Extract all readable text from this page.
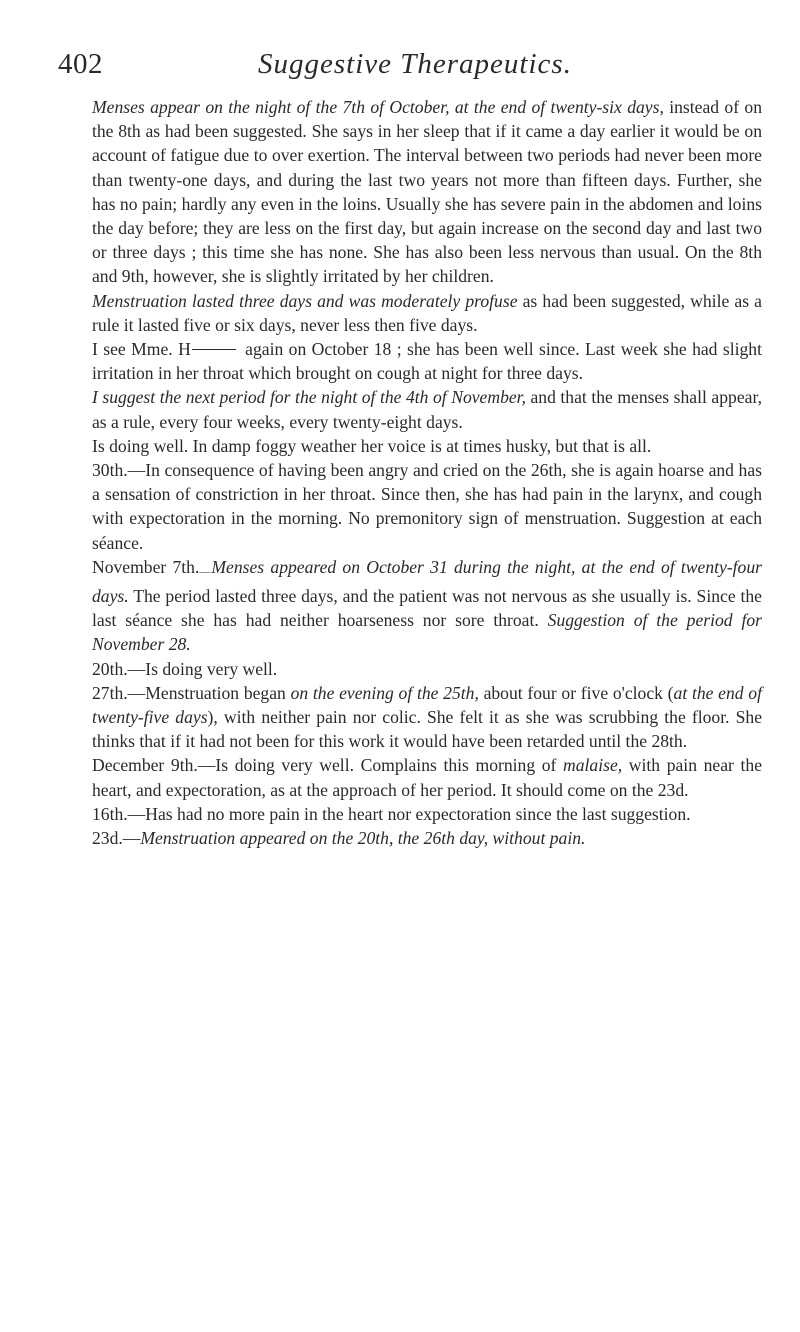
402	Suggestive Therapeutics.

Menses appear on the night of the 7th of October, at the end of twenty-six days, instead of on the 8th as had been suggested. She says in her sleep that if it came a day earlier it would be on account of fatigue due to over exertion. The interval between two periods had never been more than twenty-one days, and during the last two years not more than fifteen days. Further, she has no pain; hardly any even in the loins. Usually she has severe pain in the abdomen and loins the day before; they are less on the first day, but again increase on the second day and last two or three days ; this time she has none. She has also been less nervous than usual. On the 8th and 9th, however, she is slightly irritated by her children.

Menstruation lasted three days and was moderately profuse as had been suggested, while as a rule it lasted five or six days, never less then five days.

I see Mme. H	again on October 18 ; she has been well since. Last week she had slight irritation in her throat which brought on cough at night for three days.

I suggest the next period for the night of the 4th of November, and that the menses shall appear, as a rule, every four weeks, every twenty-eight days.

Is doing well. In damp foggy weather her voice is at times husky, but that is all.

30th.—In consequence of having been angry and cried on the 26th, she is again hoarse and has a sensation of constriction in her throat. Since then, she has had pain in the larynx, and cough with expectoration in the morning. No premonitory sign of menstruation. Suggestion at each séance.

November 7th.—Menses appeared on October 31 during the night, at the end of twenty-four days. The period lasted three days, and the patient was not nervous as she usually is. Since the last séance she has had neither hoarseness nor sore throat. Suggestion of the period for November 28.

20th.—Is doing very well.

27th.—Menstruation began on the evening of the 25th, about four or five o'clock (at the end of twenty-five days), with neither pain nor colic. She felt it as she was scrubbing the floor. She thinks that if it had not been for this work it would have been retarded until the 28th.

December 9th.—Is doing very well. Complains this morning of malaise, with pain near the heart, and expectoration, as at the approach of her period. It should come on the 23d.

16th.—Has had no more pain in the heart nor expectoration since the last suggestion.

23d.—Menstruation appeared on the 20th, the 26th day, without pain.
